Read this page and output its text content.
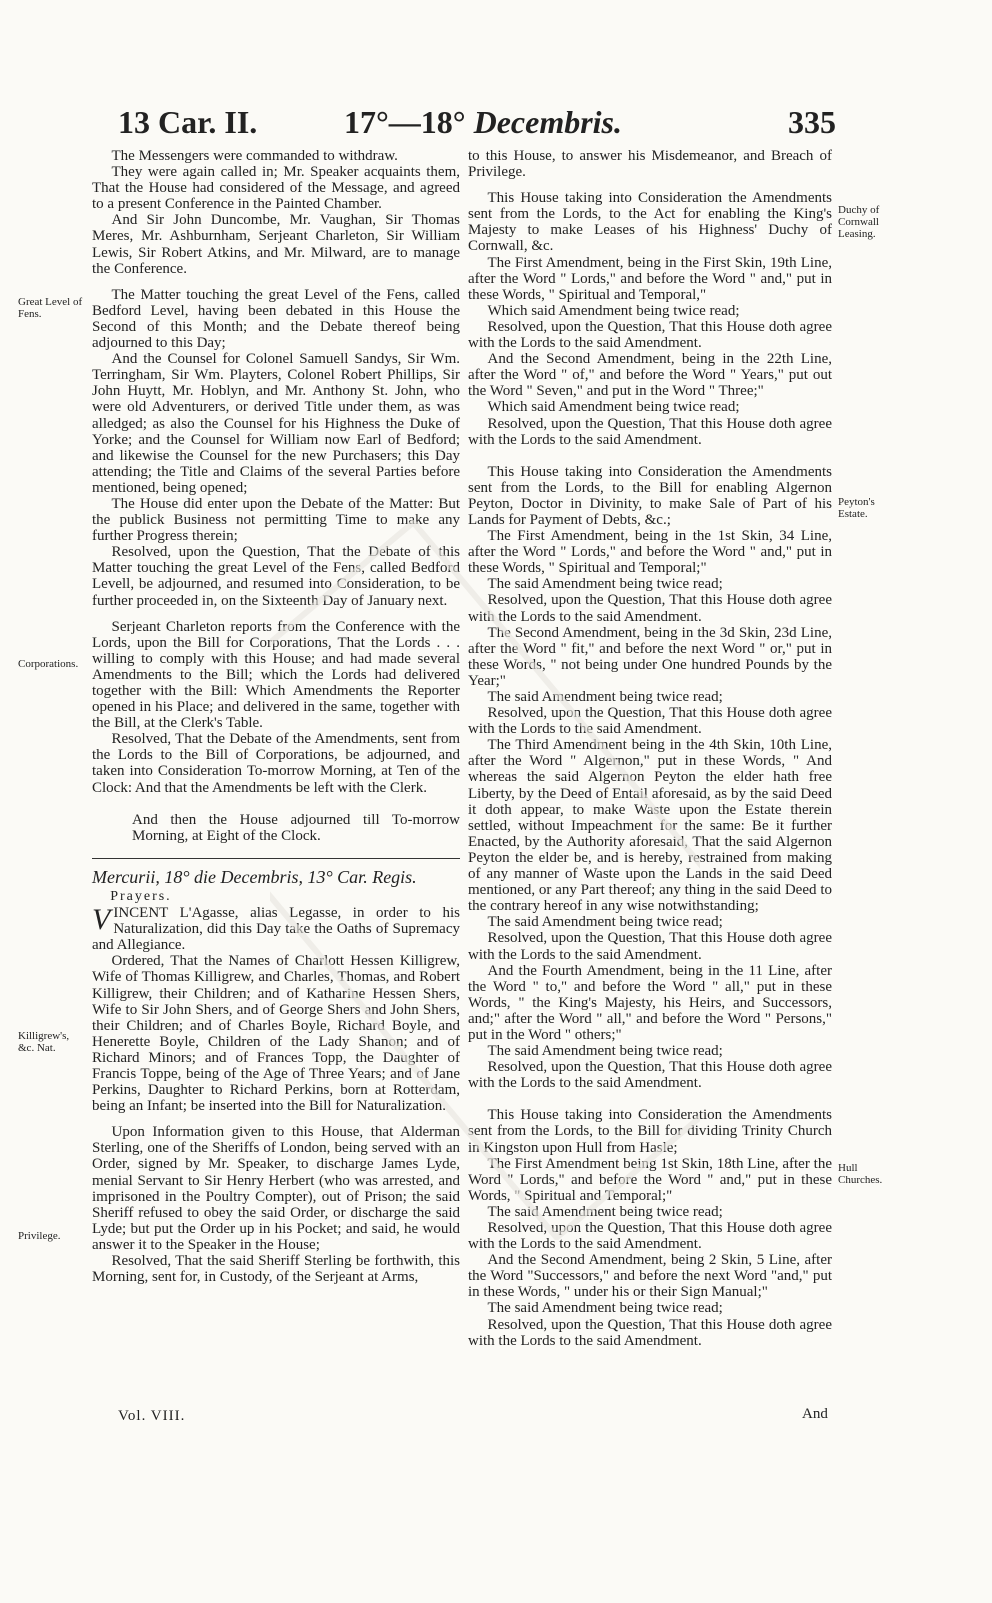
13 Car. II.	17°—18° Decembris.	335
Great Level of Fens.
Corporations.
Killigrew's, &c. Nat.
Privilege.
Duchy of Cornwall Leasing.
Peyton's Estate.
Hull Churches.

The Messengers were commanded to withdraw.

They were again called in; Mr. Speaker acquaints them, That the House had considered of the Message, and agreed to a present Conference in the Painted Chamber.

And Sir John Duncombe, Mr. Vaughan, Sir Thomas Meres, Mr. Ashburnham, Serjeant Charleton, Sir William Lewis, Sir Robert Atkins, and Mr. Milward, are to manage the Conference.

The Matter touching the great Level of the Fens, called Bedford Level, having been debated in this House the Second of this Month; and the Debate thereof being adjourned to this Day;

And the Counsel for Colonel Samuell Sandys, Sir Wm. Terringham, Sir Wm. Playters, Colonel Robert Phillips, Sir John Huytt, Mr. Hoblyn, and Mr. Anthony St. John, who were old Adventurers, or derived Title under them, as was alledged; as also the Counsel for his Highness the Duke of Yorke; and the Counsel for William now Earl of Bedford; and likewise the Counsel for the new Purchasers; this Day attending; the Title and Claims of the several Parties before mentioned, being opened;

The House did enter upon the Debate of the Matter: But the publick Business not permitting Time to make any further Progress therein;

Resolved, upon the Question, That the Debate of this Matter touching the great Level of the Fens, called Bedford Levell, be adjourned, and resumed into Consideration, to be further proceeded in, on the Sixteenth Day of January next.

Serjeant Charleton reports from the Conference with the Lords, upon the Bill for Corporations, That the Lords . . . willing to comply with this House; and had made several Amendments to the Bill; which the Lords had delivered together with the Bill: Which Amendments the Reporter opened in his Place; and delivered in the same, together with the Bill, at the Clerk's Table.

Resolved, That the Debate of the Amendments, sent from the Lords to the Bill of Corporations, be adjourned, and taken into Consideration To-morrow Morning, at Ten of the Clock: And that the Amendments be left with the Clerk.

And then the House adjourned till To-morrow Morning, at Eight of the Clock.

Mercurii, 18° die Decembris, 13° Car. Regis.

Prayers.

VINCENT L'Agasse, alias Legasse, in order to his Naturalization, did this Day take the Oaths of Supremacy and Allegiance.

Ordered, That the Names of Charlott Hessen Killigrew, Wife of Thomas Killigrew, and Charles, Thomas, and Robert Killigrew, their Children; and of Katharine Hessen Shers, Wife to Sir John Shers, and of George Shers and John Shers, their Children; and of Charles Boyle, Richard Boyle, and Henerette Boyle, Children of the Lady Shanon; and of Richard Minors; and of Frances Topp, the Daughter of Francis Toppe, being of the Age of Three Years; and of Jane Perkins, Daughter to Richard Perkins, born at Rotterdam, being an Infant; be inserted into the Bill for Naturalization.

Upon Information given to this House, that Alderman Sterling, one of the Sheriffs of London, being served with an Order, signed by Mr. Speaker, to discharge James Lyde, menial Servant to Sir Henry Herbert (who was arrested, and imprisoned in the Poultry Compter), out of Prison; the said Sheriff refused to obey the said Order, or discharge the said Lyde; but put the Order up in his Pocket; and said, he would answer it to the Speaker in the House;

Resolved, That the said Sheriff Sterling be forthwith, this Morning, sent for, in Custody, of the Serjeant at Arms,

to this House, to answer his Misdemeanor, and Breach of Privilege.

This House taking into Consideration the Amendments sent from the Lords, to the Act for enabling the King's Majesty to make Leases of his Highness' Duchy of Cornwall, &c.

The First Amendment, being in the First Skin, 19th Line, after the Word " Lords," and before the Word " and," put in these Words, " Spiritual and Temporal,"

Which said Amendment being twice read;

Resolved, upon the Question, That this House doth agree with the Lords to the said Amendment.

And the Second Amendment, being in the 22th Line, after the Word " of," and before the Word " Years," put out the Word " Seven," and put in the Word " Three;"

Which said Amendment being twice read;

Resolved, upon the Question, That this House doth agree with the Lords to the said Amendment.

This House taking into Consideration the Amendments sent from the Lords, to the Bill for enabling Algernon Peyton, Doctor in Divinity, to make Sale of Part of his Lands for Payment of Debts, &c.;

The First Amendment, being in the 1st Skin, 34 Line, after the Word " Lords," and before the Word " and," put in these Words, " Spiritual and Temporal;"

The said Amendment being twice read;

Resolved, upon the Question, That this House doth agree with the Lords to the said Amendment.

The Second Amendment, being in the 3d Skin, 23d Line, after the Word " fit," and before the next Word " or," put in these Words, " not being under One hundred Pounds by the Year;"

The said Amendment being twice read;

Resolved, upon the Question, That this House doth agree with the Lords to the said Amendment.

The Third Amendment being in the 4th Skin, 10th Line, after the Word " Algernon," put in these Words, " And whereas the said Algernon Peyton the elder hath free Liberty, by the Deed of Entail aforesaid, as by the said Deed it doth appear, to make Waste upon the Estate therein settled, without Impeachment for the same: Be it further Enacted, by the Authority aforesaid, That the said Algernon Peyton the elder be, and is hereby, restrained from making of any manner of Waste upon the Lands in the said Deed mentioned, or any Part thereof; any thing in the said Deed to the contrary hereof in any wise notwithstanding;

The said Amendment being twice read;

Resolved, upon the Question, That this House doth agree with the Lords to the said Amendment.

And the Fourth Amendment, being in the 11 Line, after the Word " to," and before the Word " all," put in these Words, " the King's Majesty, his Heirs, and Successors, and;" after the Word " all," and before the Word " Persons," put in the Word " others;"

The said Amendment being twice read;

Resolved, upon the Question, That this House doth agree with the Lords to the said Amendment.

This House taking into Consideration the Amendments sent from the Lords, to the Bill for dividing Trinity Church in Kingston upon Hull from Hasle;

The First Amendment being 1st Skin, 18th Line, after the Word " Lords," and before the Word " and," put in these Words, " Spiritual and Temporal;"

The said Amendment being twice read;

Resolved, upon the Question, That this House doth agree with the Lords to the said Amendment.

And the Second Amendment, being 2 Skin, 5 Line, after the Word "Successors," and before the next Word "and," put in these Words, " under his or their Sign Manual;"

The said Amendment being twice read;

Resolved, upon the Question, That this House doth agree with the Lords to the said Amendment.

Vol. VIII.	And
